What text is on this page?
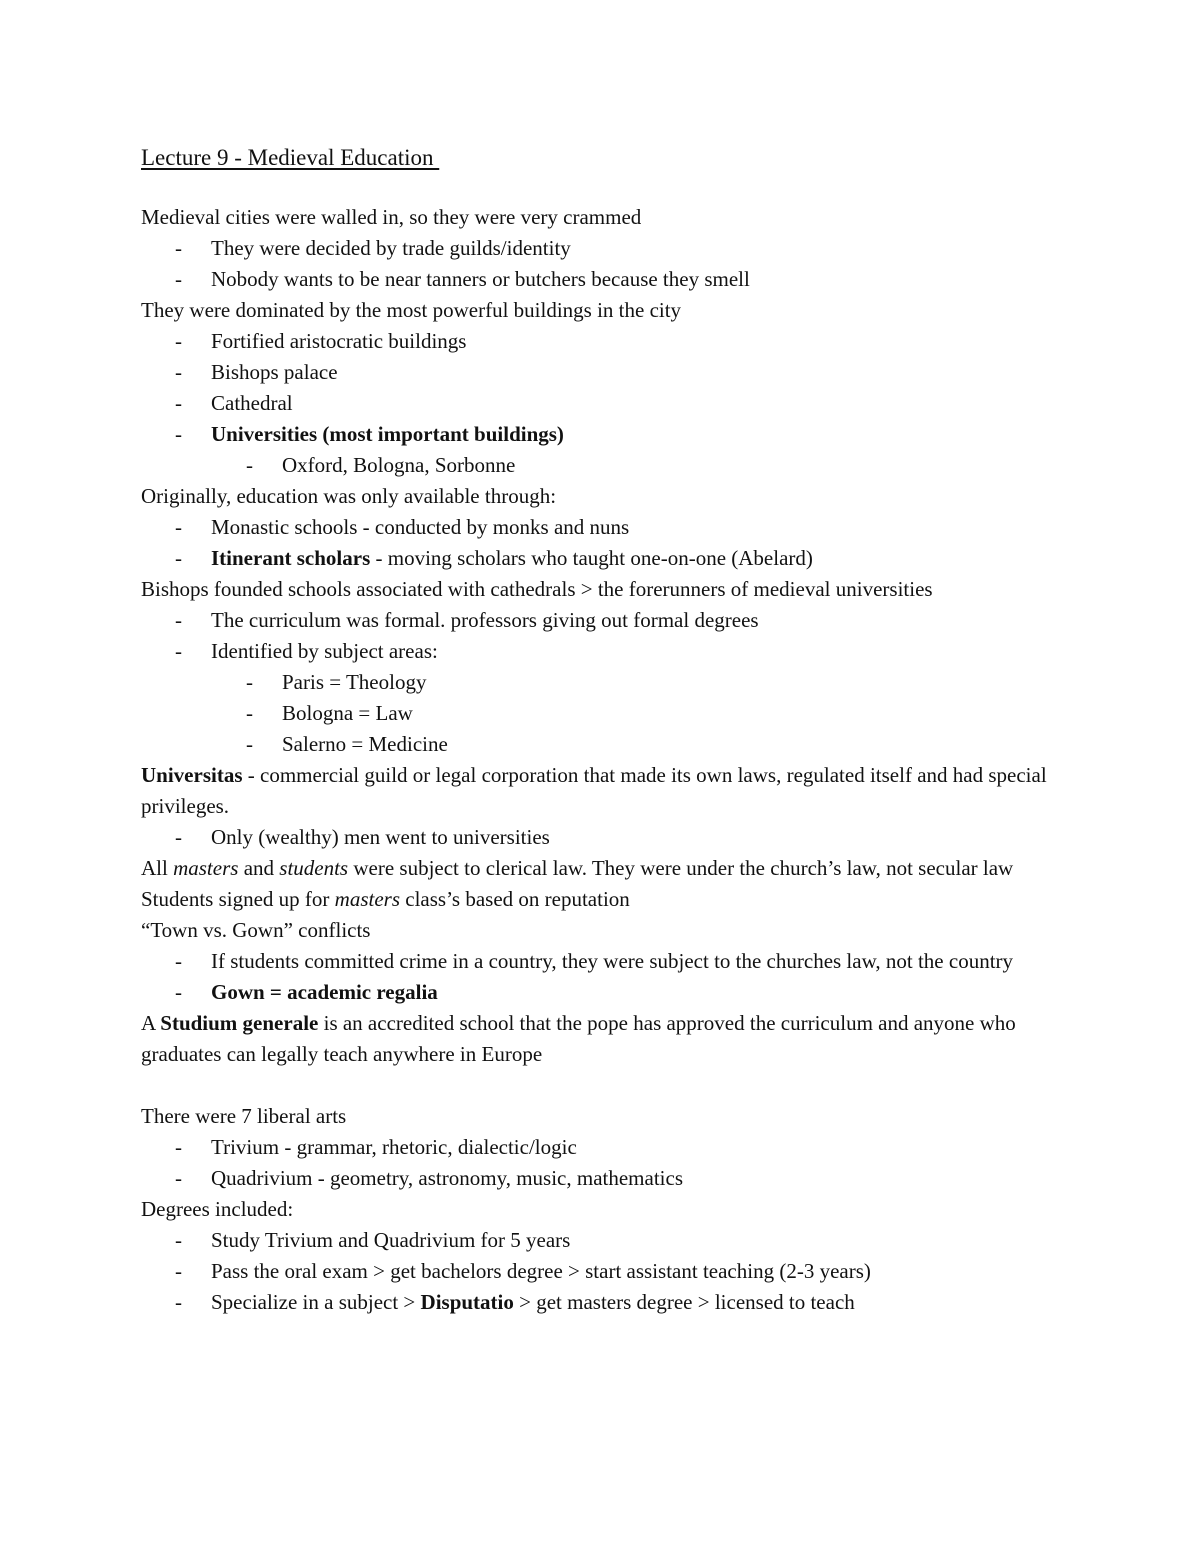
Lecture 9 - Medieval Education
Medieval cities were walled in, so they were very crammed
- They were decided by trade guilds/identity
- Nobody wants to be near tanners or butchers because they smell
They were dominated by the most powerful buildings in the city
- Fortified aristocratic buildings
- Bishops palace
- Cathedral
- Universities (most important buildings)
- Oxford, Bologna, Sorbonne
Originally, education was only available through:
- Monastic schools - conducted by monks and nuns
- Itinerant scholars - moving scholars who taught one-on-one (Abelard)
Bishops founded schools associated with cathedrals > the forerunners of medieval universities
- The curriculum was formal. professors giving out formal degrees
- Identified by subject areas:
- Paris = Theology
- Bologna = Law
- Salerno = Medicine
Universitas - commercial guild or legal corporation that made its own laws, regulated itself and had special privileges.
- Only (wealthy) men went to universities
All masters and students were subject to clerical law. They were under the church’s law, not secular law
Students signed up for masters class’s based on reputation
“Town vs. Gown” conflicts
- If students committed crime in a country, they were subject to the churches law, not the country
- Gown = academic regalia
A Studium generale is an accredited school that the pope has approved the curriculum and anyone who graduates can legally teach anywhere in Europe
There were 7 liberal arts
- Trivium - grammar, rhetoric, dialectic/logic
- Quadrivium - geometry, astronomy, music, mathematics
Degrees included:
- Study Trivium and Quadrivium for 5 years
- Pass the oral exam > get bachelors degree > start assistant teaching (2-3 years)
- Specialize in a subject > Disputatio > get masters degree > licensed to teach
